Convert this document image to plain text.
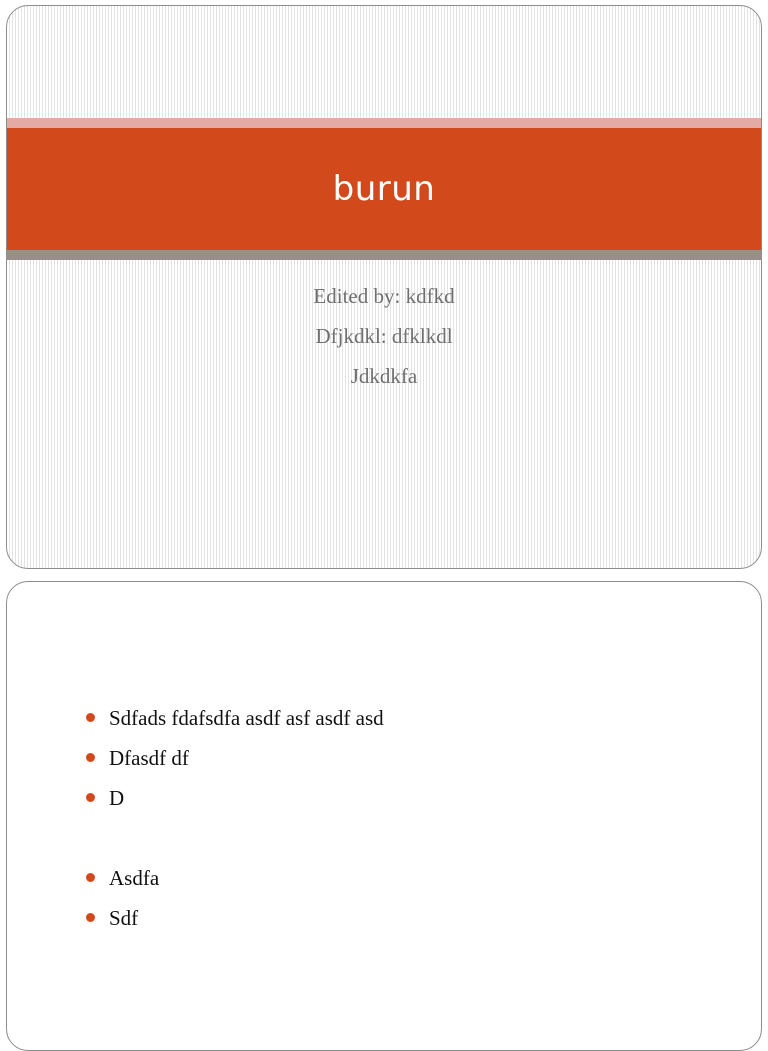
burun
Edited by: kdfkd
Dfjkdkl: dfklkdl
Jdkdkfa
Sdfads fdafsdfa asdf asf asdf asd
Dfasdf df
D
Asdfa
Sdf
